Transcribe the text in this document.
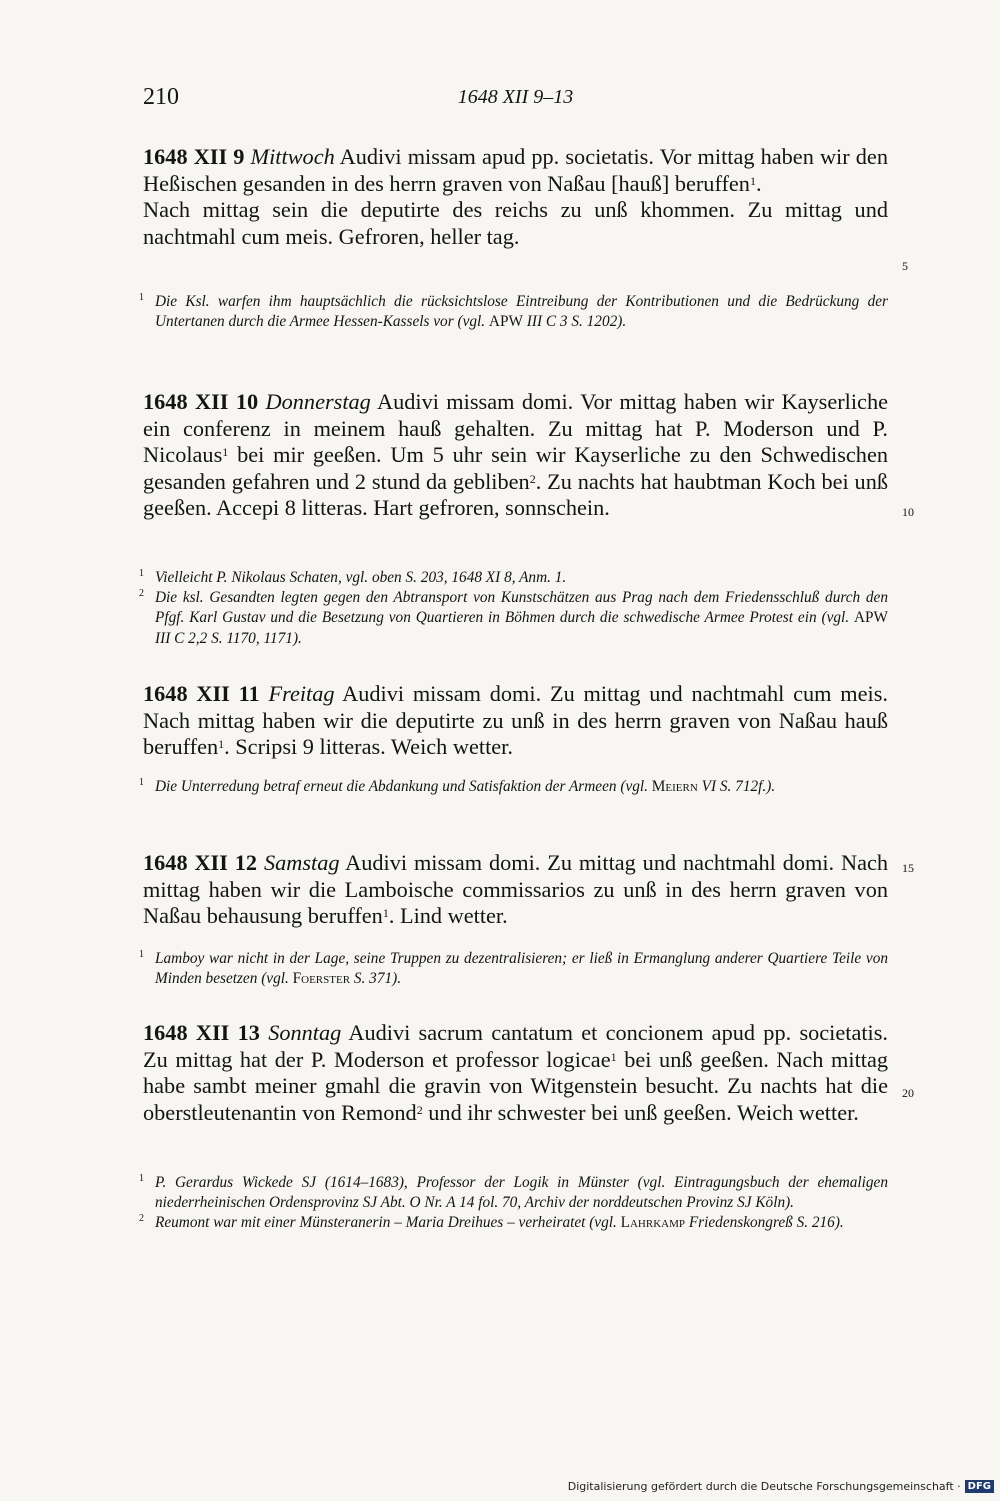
210	1648 XII 9–13

1648 XII 9 Mittwoch Audivi missam apud pp. societatis. Vor mittag haben wir den Heßischen gesanden in des herrn graven von Naßau [hauß] beruffen$^1$.

Nach mittag sein die deputirte des reichs zu unß khommen. Zu mittag und nachtmahl cum meis. Gefroren, heller tag.

1 Die Ksl. warfen ihm hauptsächlich die rücksichtslose Eintreibung der Kontributionen und die Bedrückung der Untertanen durch die Armee Hessen-Kassels vor (vgl. APW III C 3 S. 1202).

1648 XII 10 Donnerstag Audivi missam domi. Vor mittag haben wir Kayserliche ein conferenz in meinem hauß gehalten. Zu mittag hat P. Moderson und P. Nicolaus$^1$ bei mir geeßen. Um 5 uhr sein wir Kayserliche zu den Schwedischen gesanden gefahren und 2 stund da gebliben$^2$. Zu nachts hat haubtman Koch bei unß geeßen. Accepi 8 litteras. Hart gefroren, sonnschein.

1 Vielleicht P. Nikolaus Schaten, vgl. oben S. 203, 1648 XI 8, Anm. 1.

2 Die ksl. Gesandten legten gegen den Abtransport von Kunstschätzen aus Prag nach dem Friedensschluß durch den Pfgf. Karl Gustav und die Besetzung von Quartieren in Böhmen durch die schwedische Armee Protest ein (vgl. APW III C 2,2 S. 1170, 1171).

1648 XII 11 Freitag Audivi missam domi. Zu mittag und nachtmahl cum meis. Nach mittag haben wir die deputirte zu unß in des herrn graven von Naßau hauß beruffen$^1$. Scripsi 9 litteras. Weich wetter.

1 Die Unterredung betraf erneut die Abdankung und Satisfaktion der Armeen (vgl. Meiern VI S. 712f.).

1648 XII 12 Samstag Audivi missam domi. Zu mittag und nachtmahl domi. Nach mittag haben wir die Lamboische commissarios zu unß in des herrn graven von Naßau behausung beruffen$^1$. Lind wetter.

1 Lamboy war nicht in der Lage, seine Truppen zu dezentralisieren; er ließ in Ermanglung anderer Quartiere Teile von Minden besetzen (vgl. Foerster S. 371).

1648 XII 13 Sonntag Audivi sacrum cantatum et concionem apud pp. societatis. Zu mittag hat der P. Moderson et professor logicae$^1$ bei unß geeßen. Nach mittag habe sambt meiner gmahl die gravin von Witgenstein besucht. Zu nachts hat die oberstleutenantin von Remond$^2$ und ihr schwester bei unß geeßen. Weich wetter.

1 P. Gerardus Wickede SJ (1614–1683), Professor der Logik in Münster (vgl. Eintragungsbuch der ehemaligen niederrheinischen Ordensprovinz SJ Abt. O Nr. A 14 fol. 70, Archiv der norddeutschen Provinz SJ Köln).

2 Reumont war mit einer Münsteranerin – Maria Dreihues – verheiratet (vgl. Lahrkamp Friedenskongreß S. 216).

5
10
15
20
Digitalisierung gefördert durch die Deutsche Forschungsgemeinschaft · DFG
